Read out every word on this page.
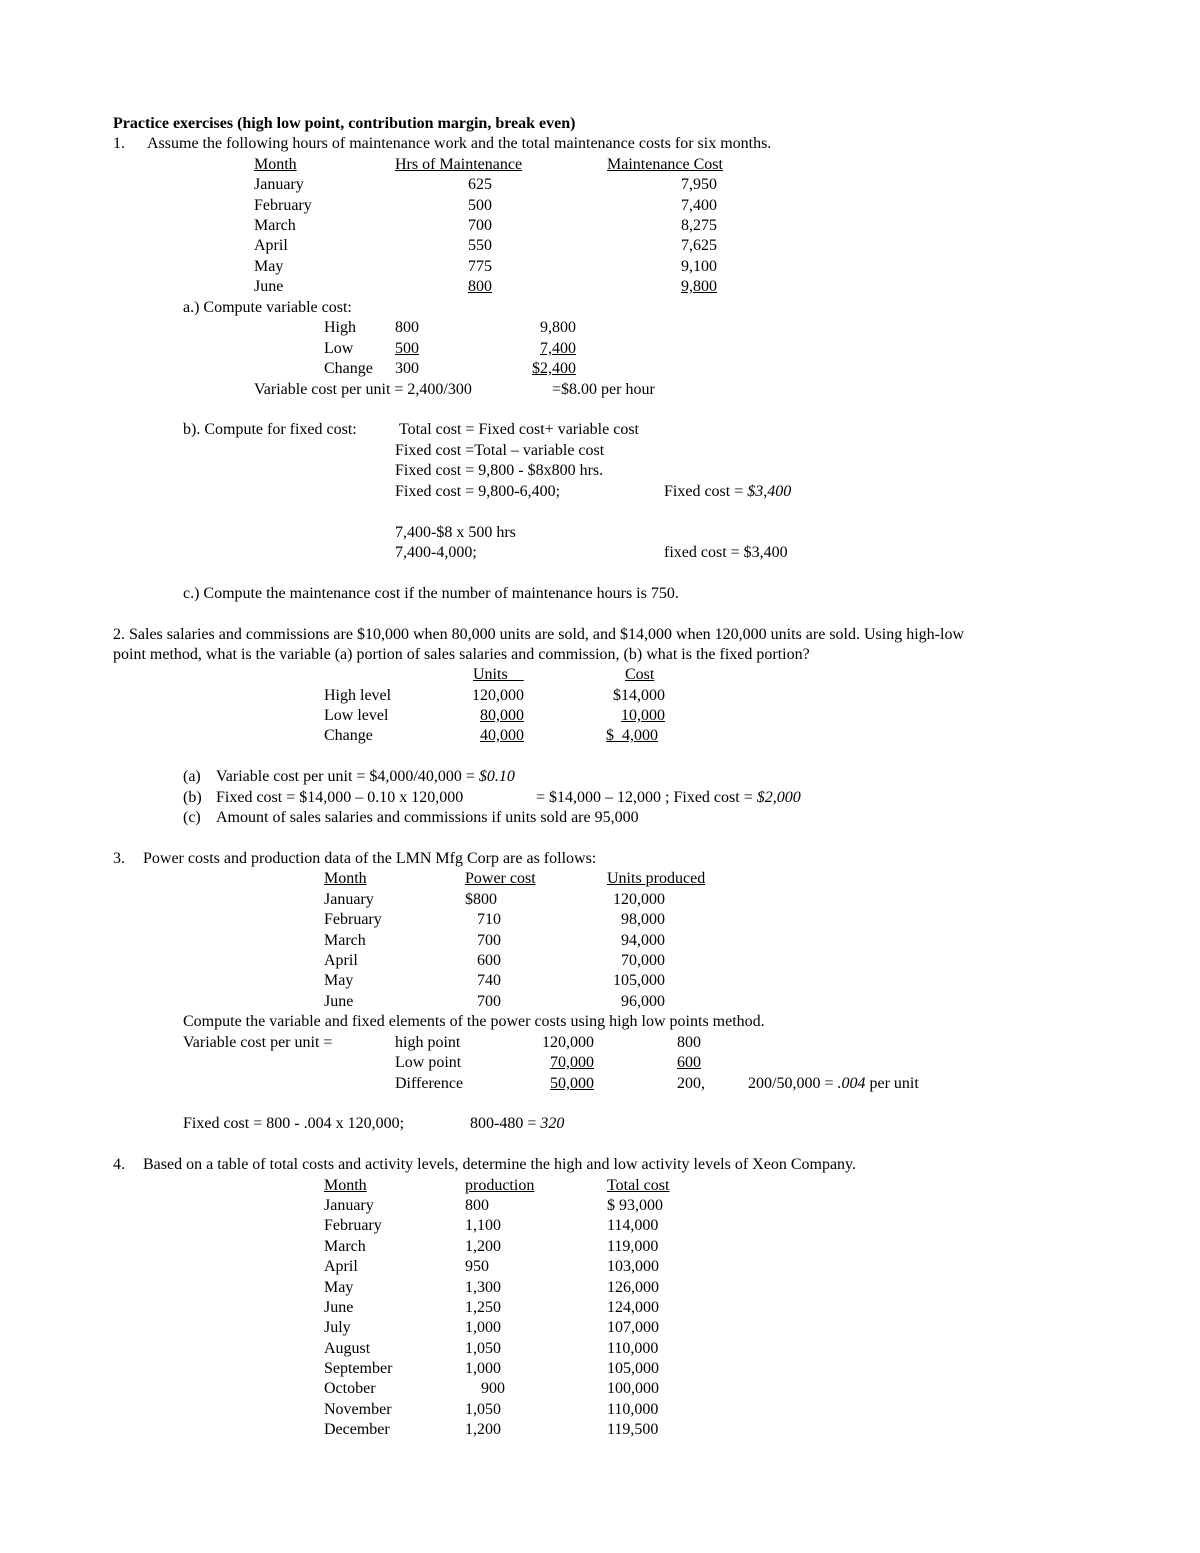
Practice exercises (high low point, contribution margin, break even)
1. Assume the following hours of maintenance work and the total maintenance costs for six months.
Month	Hrs of Maintenance	Maintenance Cost
January	625	7,950
February	500	7,400
March	700	8,275
April	550	7,625
May	775	9,100
June	800	9,800
a.) Compute variable cost:
High 800	9,800
Low	500	7,400
Change 300	$2,400
Variable cost per unit = 2,400/300	=$8.00 per hour
b). Compute for fixed cost:	Total cost = Fixed cost+ variable cost
Fixed cost =Total – variable cost
Fixed cost = 9,800 - $8x800 hrs.
Fixed cost = 9,800-6,400;	Fixed cost = $3,400
7,400-$8 x 500 hrs
7,400-4,000;	fixed cost = $3,400
c.) Compute the maintenance cost if the number of maintenance hours is 750.
2. Sales salaries and commissions are $10,000 when 80,000 units are sold, and $14,000 when 120,000 units are sold. Using high-low
point method, what is the variable (a) portion of sales salaries and commission, (b) what is the fixed portion?
Units__	Cost
High level	120,000	$14,000
Low level	80,000	10,000
Change	40,000	$  4,000
(a) Variable cost per unit = $4,000/40,000 = $0.10
(b) Fixed cost = $14,000 – 0.10 x 120,000	= $14,000 – 12,000 ; Fixed cost = $2,000
(c) Amount of sales salaries and commissions if units sold are 95,000
3. Power costs and production data of the LMN Mfg Corp are as follows:
Month	Power cost	Units produced
January	$800	120,000
February	710	98,000
March	700	94,000
April	600	70,000
May	740	105,000
June	700	96,000
Compute the variable and fixed elements of the power costs using high low points method.
Variable cost per unit =	high point	120,000	800
Low point	70,000	600
Difference	50,000	200,	200/50,000 = .004 per unit
Fixed cost = 800 - .004 x 120,000;	800-480 = 320
4. Based on a table of total costs and activity levels, determine the high and low activity levels of Xeon Company.
Month	production	Total cost
January	800	$ 93,000
February	1,100	114,000
March	1,200	119,000
April	950	103,000
May	1,300	126,000
June	1,250	124,000
July	1,000	107,000
August	1,050	110,000
September	1,000	105,000
October	900	100,000
November	1,050	110,000
December	1,200	119,500
